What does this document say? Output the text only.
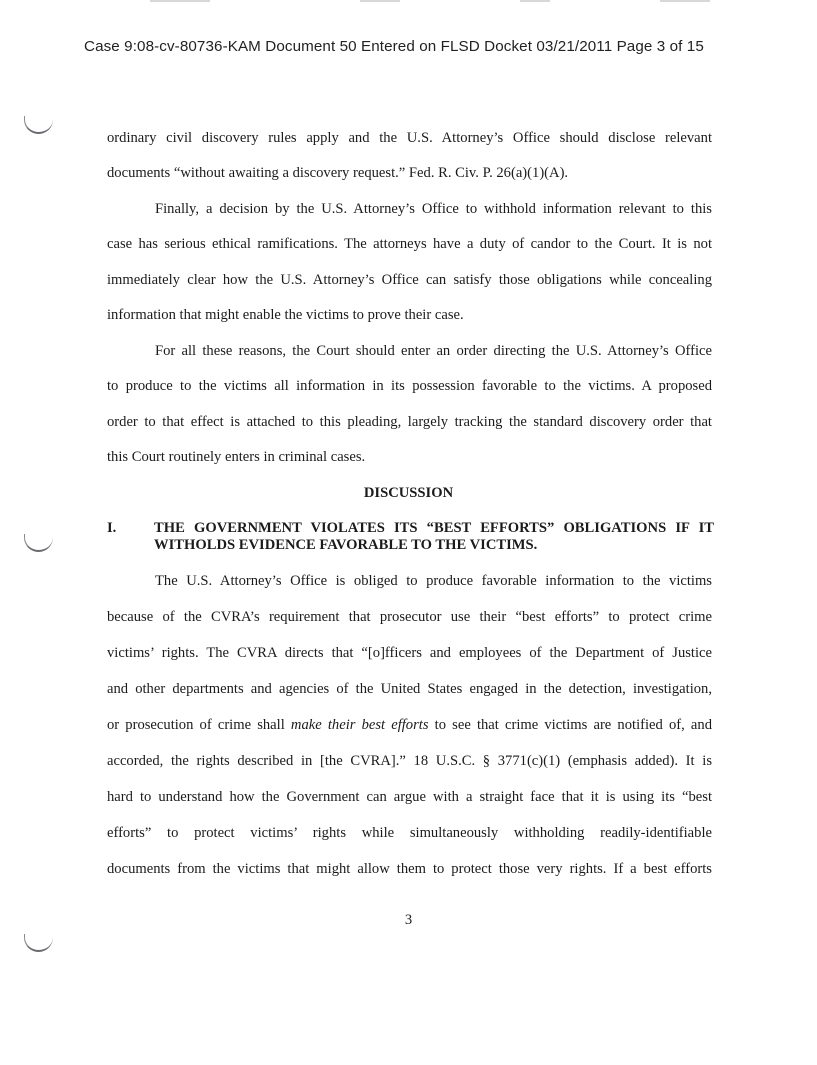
Case 9:08-cv-80736-KAM Document 50 Entered on FLSD Docket 03/21/2011 Page 3 of 15
ordinary civil discovery rules apply and the U.S. Attorney’s Office should disclose relevant
documents “without awaiting a discovery request.” Fed. R. Civ. P. 26(a)(1)(A).
Finally, a decision by the U.S. Attorney’s Office to withhold information relevant to this
case has serious ethical ramifications. The attorneys have a duty of candor to the Court. It is not
immediately clear how the U.S. Attorney’s Office can satisfy those obligations while concealing
information that might enable the victims to prove their case.
For all these reasons, the Court should enter an order directing the U.S. Attorney’s Office
to produce to the victims all information in its possession favorable to the victims. A proposed
order to that effect is attached to this pleading, largely tracking the standard discovery order that
this Court routinely enters in criminal cases.
DISCUSSION
I.	THE GOVERNMENT VIOLATES ITS “BEST EFFORTS” OBLIGATIONS IF IT
WITHOLDS EVIDENCE FAVORABLE TO THE VICTIMS.
The U.S. Attorney’s Office is obliged to produce favorable information to the victims
because of the CVRA’s requirement that prosecutor use their “best efforts” to protect crime
victims’ rights. The CVRA directs that “[o]fficers and employees of the Department of Justice
and other departments and agencies of the United States engaged in the detection, investigation,
or prosecution of crime shall make their best efforts to see that crime victims are notified of, and
accorded, the rights described in [the CVRA].” 18 U.S.C. § 3771(c)(1) (emphasis added). It is
hard to understand how the Government can argue with a straight face that it is using its “best
efforts” to protect victims’ rights while simultaneously withholding readily-identifiable
documents from the victims that might allow them to protect those very rights. If a best efforts
3
